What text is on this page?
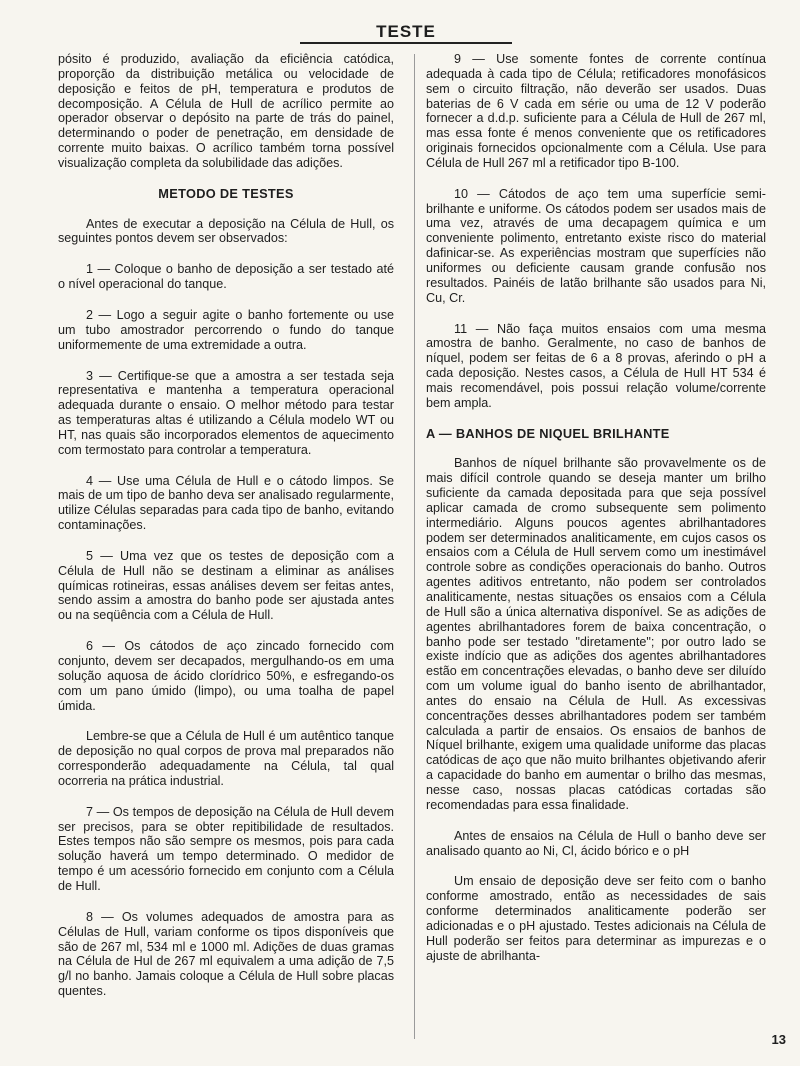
TESTE

pósito é produzido, avaliação da eficiência catódica, proporção da distribuição metálica ou velocidade de deposição e feitos de pH, temperatura e produtos de decomposição. A Célula de Hull de acrílico permite ao operador observar o depósito na parte de trás do painel, determinando o poder de penetração, em densidade de corrente muito baixas. O acrílico também torna possível visualização completa da solubilidade das adições.

METODO DE TESTES

Antes de executar a deposição na Célula de Hull, os seguintes pontos devem ser observados:

1 — Coloque o banho de deposição a ser testado até o nível operacional do tanque.

2 — Logo a seguir agite o banho fortemente ou use um tubo amostrador percorrendo o fundo do tanque uniformemente de uma extremidade a outra.

3 — Certifique-se que a amostra a ser testada seja representativa e mantenha a temperatura operacional adequada durante o ensaio. O melhor método para testar as temperaturas altas é utilizando a Célula modelo WT ou HT, nas quais são incorporados elementos de aquecimento com termostato para controlar a temperatura.

4 — Use uma Célula de Hull e o cátodo limpos. Se mais de um tipo de banho deva ser analisado regularmente, utilize Células separadas para cada tipo de banho, evitando contaminações.

5 — Uma vez que os testes de deposição com a Célula de Hull não se destinam a eliminar as análises químicas rotineiras, essas análises devem ser feitas antes, sendo assim a amostra do banho pode ser ajustada antes ou na seqüência com a Célula de Hull.

6 — Os cátodos de aço zincado fornecido com conjunto, devem ser decapados, mergulhando-os em uma solução aquosa de ácido clorídrico 50%, e esfregando-os com um pano úmido (limpo), ou uma toalha de papel úmida.

Lembre-se que a Célula de Hull é um autêntico tanque de deposição no qual corpos de prova mal preparados não corresponderão adequadamente na Célula, tal qual ocorreria na prática industrial.

7 — Os tempos de deposição na Célula de Hull devem ser precisos, para se obter repitibilidade de resultados. Estes tempos não são sempre os mesmos, pois para cada solução haverá um tempo determinado. O medidor de tempo é um acessório fornecido em conjunto com a Célula de Hull.

8 — Os volumes adequados de amostra para as Células de Hull, variam conforme os tipos disponíveis que são de 267 ml, 534 ml e 1000 ml. Adições de duas gramas na Célula de Hul de 267 ml equivalem a uma adição de 7,5 g/l no banho. Jamais coloque a Célula de Hull sobre placas quentes.

9 — Use somente fontes de corrente contínua adequada à cada tipo de Célula; retificadores monofásicos sem o circuito filtração, não deverão ser usados. Duas baterias de 6 V cada em série ou uma de 12 V poderão fornecer a d.d.p. suficiente para a Célula de Hull de 267 ml, mas essa fonte é menos conveniente que os retificadores originais fornecidos opcionalmente com a Célula. Use para Célula de Hull 267 ml a retificador tipo B-100.

10 — Cátodos de aço tem uma superfície semi-brilhante e uniforme. Os cátodos podem ser usados mais de uma vez, através de uma decapagem química e um conveniente polimento, entretanto existe risco do material dafinicar-se. As experiências mostram que superfícies não uniformes ou deficiente causam grande confusão nos resultados. Painéis de latão brilhante são usados para Ni, Cu, Cr.

11 — Não faça muitos ensaios com uma mesma amostra de banho. Geralmente, no caso de banhos de níquel, podem ser feitas de 6 a 8 provas, aferindo o pH a cada deposição. Nestes casos, a Célula de Hull HT 534 é mais recomendável, pois possui relação volume/corrente bem ampla.

A — BANHOS DE NIQUEL BRILHANTE

Banhos de níquel brilhante são provavelmente os de mais difícil controle quando se deseja manter um brilho suficiente da camada depositada para que seja possível aplicar camada de cromo subsequente sem polimento intermediário. Alguns poucos agentes abrilhantadores podem ser determinados analiticamente, em cujos casos os ensaios com a Célula de Hull servem como um inestimável controle sobre as condições operacionais do banho. Outros agentes aditivos entretanto, não podem ser controlados analiticamente, nestas situações os ensaios com a Célula de Hull são a única alternativa disponível. Se as adições de agentes abrilhantadores forem de baixa concentração, o banho pode ser testado "diretamente"; por outro lado se existe indício que as adições dos agentes abrilhantadores estão em concentrações elevadas, o banho deve ser diluído com um volume igual do banho isento de abrilhantador, antes do ensaio na Célula de Hull. As excessivas concentrações desses abrilhantadores podem ser também calculada a partir de ensaios. Os ensaios de banhos de Níquel brilhante, exigem uma qualidade uniforme das placas catódicas de aço que não muito brilhantes objetivando aferir a capacidade do banho em aumentar o brilho das mesmas, nesse caso, nossas placas catódicas cortadas são recomendadas para essa finalidade.

Antes de ensaios na Célula de Hull o banho deve ser analisado quanto ao Ni, Cl, ácido bórico e o pH

Um ensaio de deposição deve ser feito com o banho conforme amostrado, então as necessidades de sais conforme determinados analiticamente poderão ser adicionadas e o pH ajustado. Testes adicionais na Célula de Hull poderão ser feitos para determinar as impurezas e o ajuste de abrilhanta-

13
